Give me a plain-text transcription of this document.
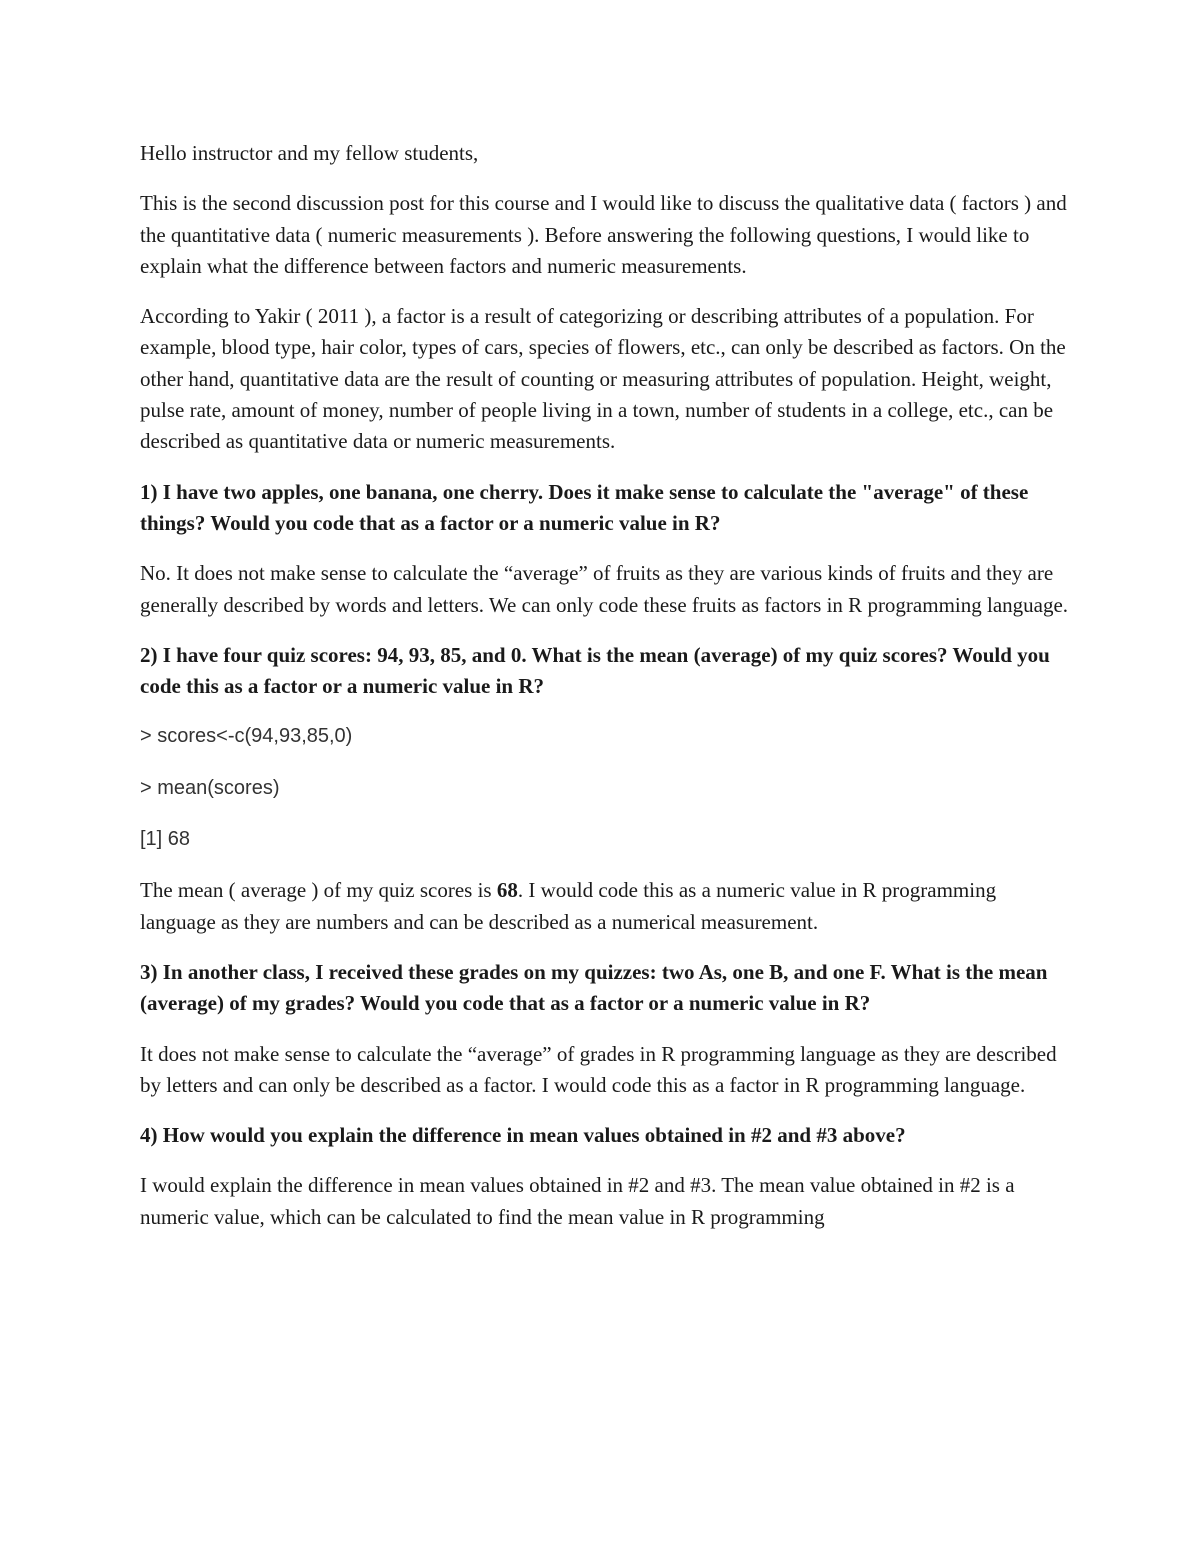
Hello instructor and my fellow students,

This is the second discussion post for this course and I would like to discuss the qualitative data ( factors ) and the quantitative data ( numeric measurements ). Before answering the following questions, I would like to explain what the difference between factors and numeric measurements.

According to Yakir ( 2011 ), a factor is a result of categorizing or describing attributes of a population. For example, blood type, hair color, types of cars, species of flowers, etc., can only be described as factors. On the other hand, quantitative data are the result of counting or measuring attributes of population. Height, weight, pulse rate, amount of money, number of people living in a town, number of students in a college, etc., can be described as quantitative data or numeric measurements.

1) I have two apples, one banana, one cherry. Does it make sense to calculate the "average" of these things? Would you code that as a factor or a numeric value in R?

No. It does not make sense to calculate the “average” of fruits as they are various kinds of fruits and they are generally described by words and letters. We can only code these fruits as factors in R programming language.

2) I have four quiz scores: 94, 93, 85, and 0. What is the mean (average) of my quiz scores? Would you code this as a factor or a numeric value in R?

> scores<-c(94,93,85,0)

> mean(scores)

[1] 68

The mean ( average ) of my quiz scores is 68. I would code this as a numeric value in R programming language as they are numbers and can be described as a numerical measurement.

3) In another class, I received these grades on my quizzes: two As, one B, and one F. What is the mean (average) of my grades? Would you code that as a factor or a numeric value in R?

It does not make sense to calculate the “average” of grades in R programming language as they are described by letters and can only be described as a factor. I would code this as a factor in R programming language.

4) How would you explain the difference in mean values obtained in #2 and #3 above?

I would explain the difference in mean values obtained in #2 and #3. The mean value obtained in #2 is a numeric value, which can be calculated to find the mean value in R programming
